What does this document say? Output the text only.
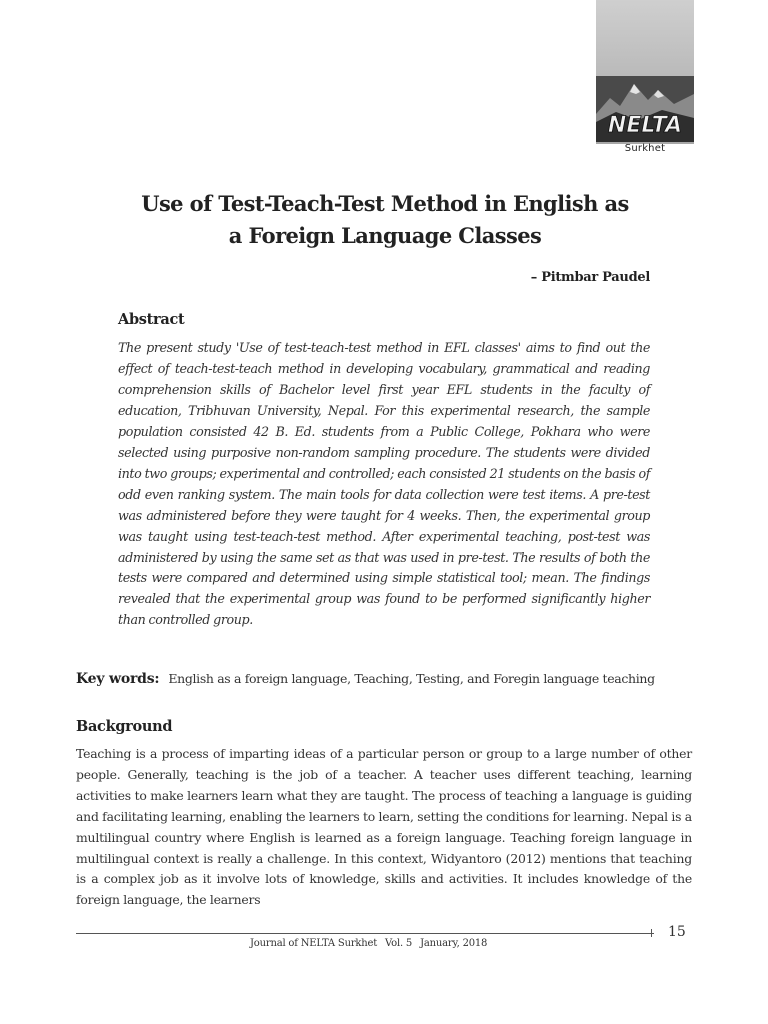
NELTA
Surkhet
Use of Test-Teach-Test Method in English as
a Foreign Language Classes
– Pitmbar Paudel
Abstract

The present study 'Use of test-teach-test method in EFL classes' aims to find out the effect of teach-test-teach method in developing vocabulary, grammatical and reading comprehension skills of Bachelor level first year EFL students in the faculty of education, Tribhuvan University, Nepal. For this experimental research, the sample population consisted 42 B. Ed. students from a Public College, Pokhara who were selected using purposive non-random sampling procedure. The students were divided into two groups; experimental and controlled; each consisted 21 students on the basis of odd even ranking system. The main tools for data collection were test items. A pre-test was administered before they were taught for 4 weeks. Then, the experimental group was taught using test-teach-test method. After experimental teaching, post-test was administered by using the same set as that was used in pre-test. The results of both the tests were compared and determined using simple statistical tool; mean. The findings revealed that the experimental group was found to be performed significantly higher than controlled group.

Key words: English as a foreign language, Teaching, Testing, and Foregin language teaching
Background

Teaching is a process of imparting ideas of a particular person or group to a large number of other people. Generally, teaching is the job of a teacher. A teacher uses different teaching, learning activities to make learners learn what they are taught. The process of teaching a language is guiding and facilitating learning, enabling the learners to learn, setting the conditions for learning. Nepal is a multilingual country where English is learned as a foreign language. Teaching foreign language in multilingual context is really a challenge. In this context, Widyantoro (2012) mentions that teaching is a complex job as it involve lots of knowledge, skills and activities. It includes knowledge of the foreign language, the learners

15
Journal of NELTA Surkhet Vol. 5 January, 2018
